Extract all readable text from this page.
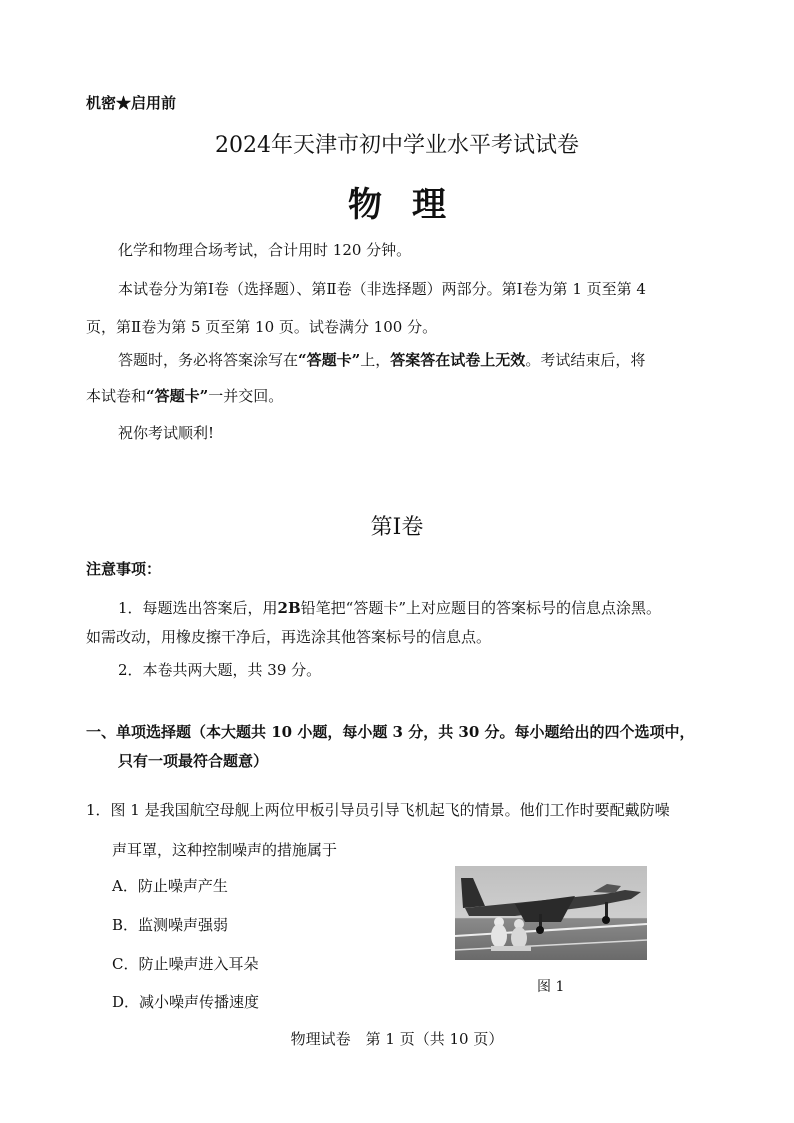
机密★启用前
2024年天津市初中学业水平考试试卷
物理
化学和物理合场考试，合计用时 120 分钟。
本试卷分为第Ⅰ卷（选择题）、第Ⅱ卷（非选择题）两部分。第Ⅰ卷为第 1 页至第 4
页，第Ⅱ卷为第 5 页至第 10 页。试卷满分 100 分。
答题时，务必将答案涂写在“答题卡”上，答案答在试卷上无效。考试结束后，将
本试卷和“答题卡”一并交回。
祝你考试顺利!
第Ⅰ卷
注意事项：
1．每题选出答案后，用2B铅笔把“答题卡”上对应题目的答案标号的信息点涂黑。
如需改动，用橡皮擦干净后，再选涂其他答案标号的信息点。
2．本卷共两大题，共 39 分。
一、单项选择题（本大题共 10 小题，每小题 3 分，共 30 分。每小题给出的四个选项中，
只有一项最符合题意）
1．图 1 是我国航空母舰上两位甲板引导员引导飞机起飞的情景。他们工作时要配戴防噪
声耳罩，这种控制噪声的措施属于
A．防止噪声产生
B．监测噪声强弱
C．防止噪声进入耳朵
D．减小噪声传播速度
图 1
物理试卷　第 1 页（共 10 页）
